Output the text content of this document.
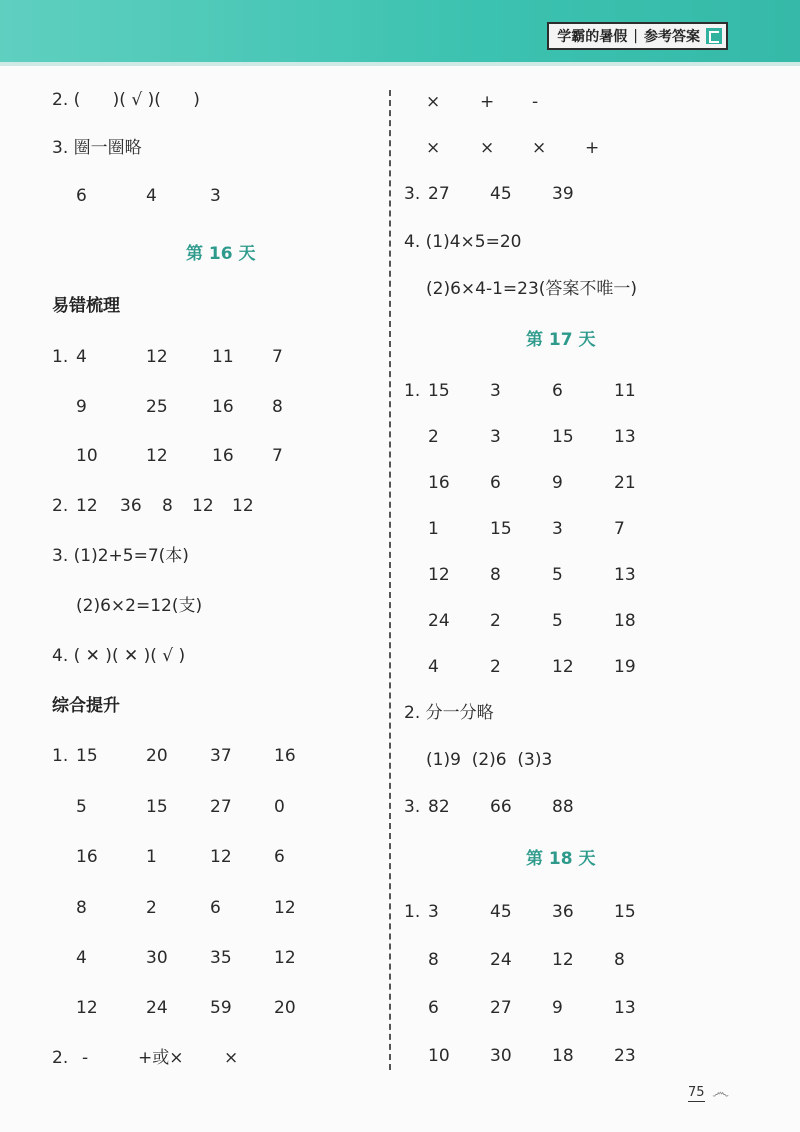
学霸的暑假 | 参考答案
2. (      )( √ )(      )
3. 圈一圈略
6	4	3
第 16 天
易错梳理
1. 4	12	11 7
9	25	16 8
10	12	16 7
2. 12 36 8 12 12
3. (1)2+5=7(本)
(2)6×2=12(支)
4. ( ✕ )( ✕ )( √ )
综合提升
1. 15	20 37 16
5	15 27 0
16	1	12 6
8	2	6	12
4	30 35 12
12	24 59 20
2. -	+或× ×
× + -
× × × +
3. 27 45 39
4. (1)4×5=20
(2)6×4-1=23(答案不唯一)
第 17 天
1. 15 3	6	11
2	3	15 13
16 6	9	21
1	15 3	7
12 8	5	13
24 2	5	18
4	2	12 19
2. 分一分略
(1)9  (2)6  (3)3
3. 82 66 88
第 18 天
1. 3	45 36 15
8	24 12 8
6	27 9	13
10 30 18 23
75 ෴
